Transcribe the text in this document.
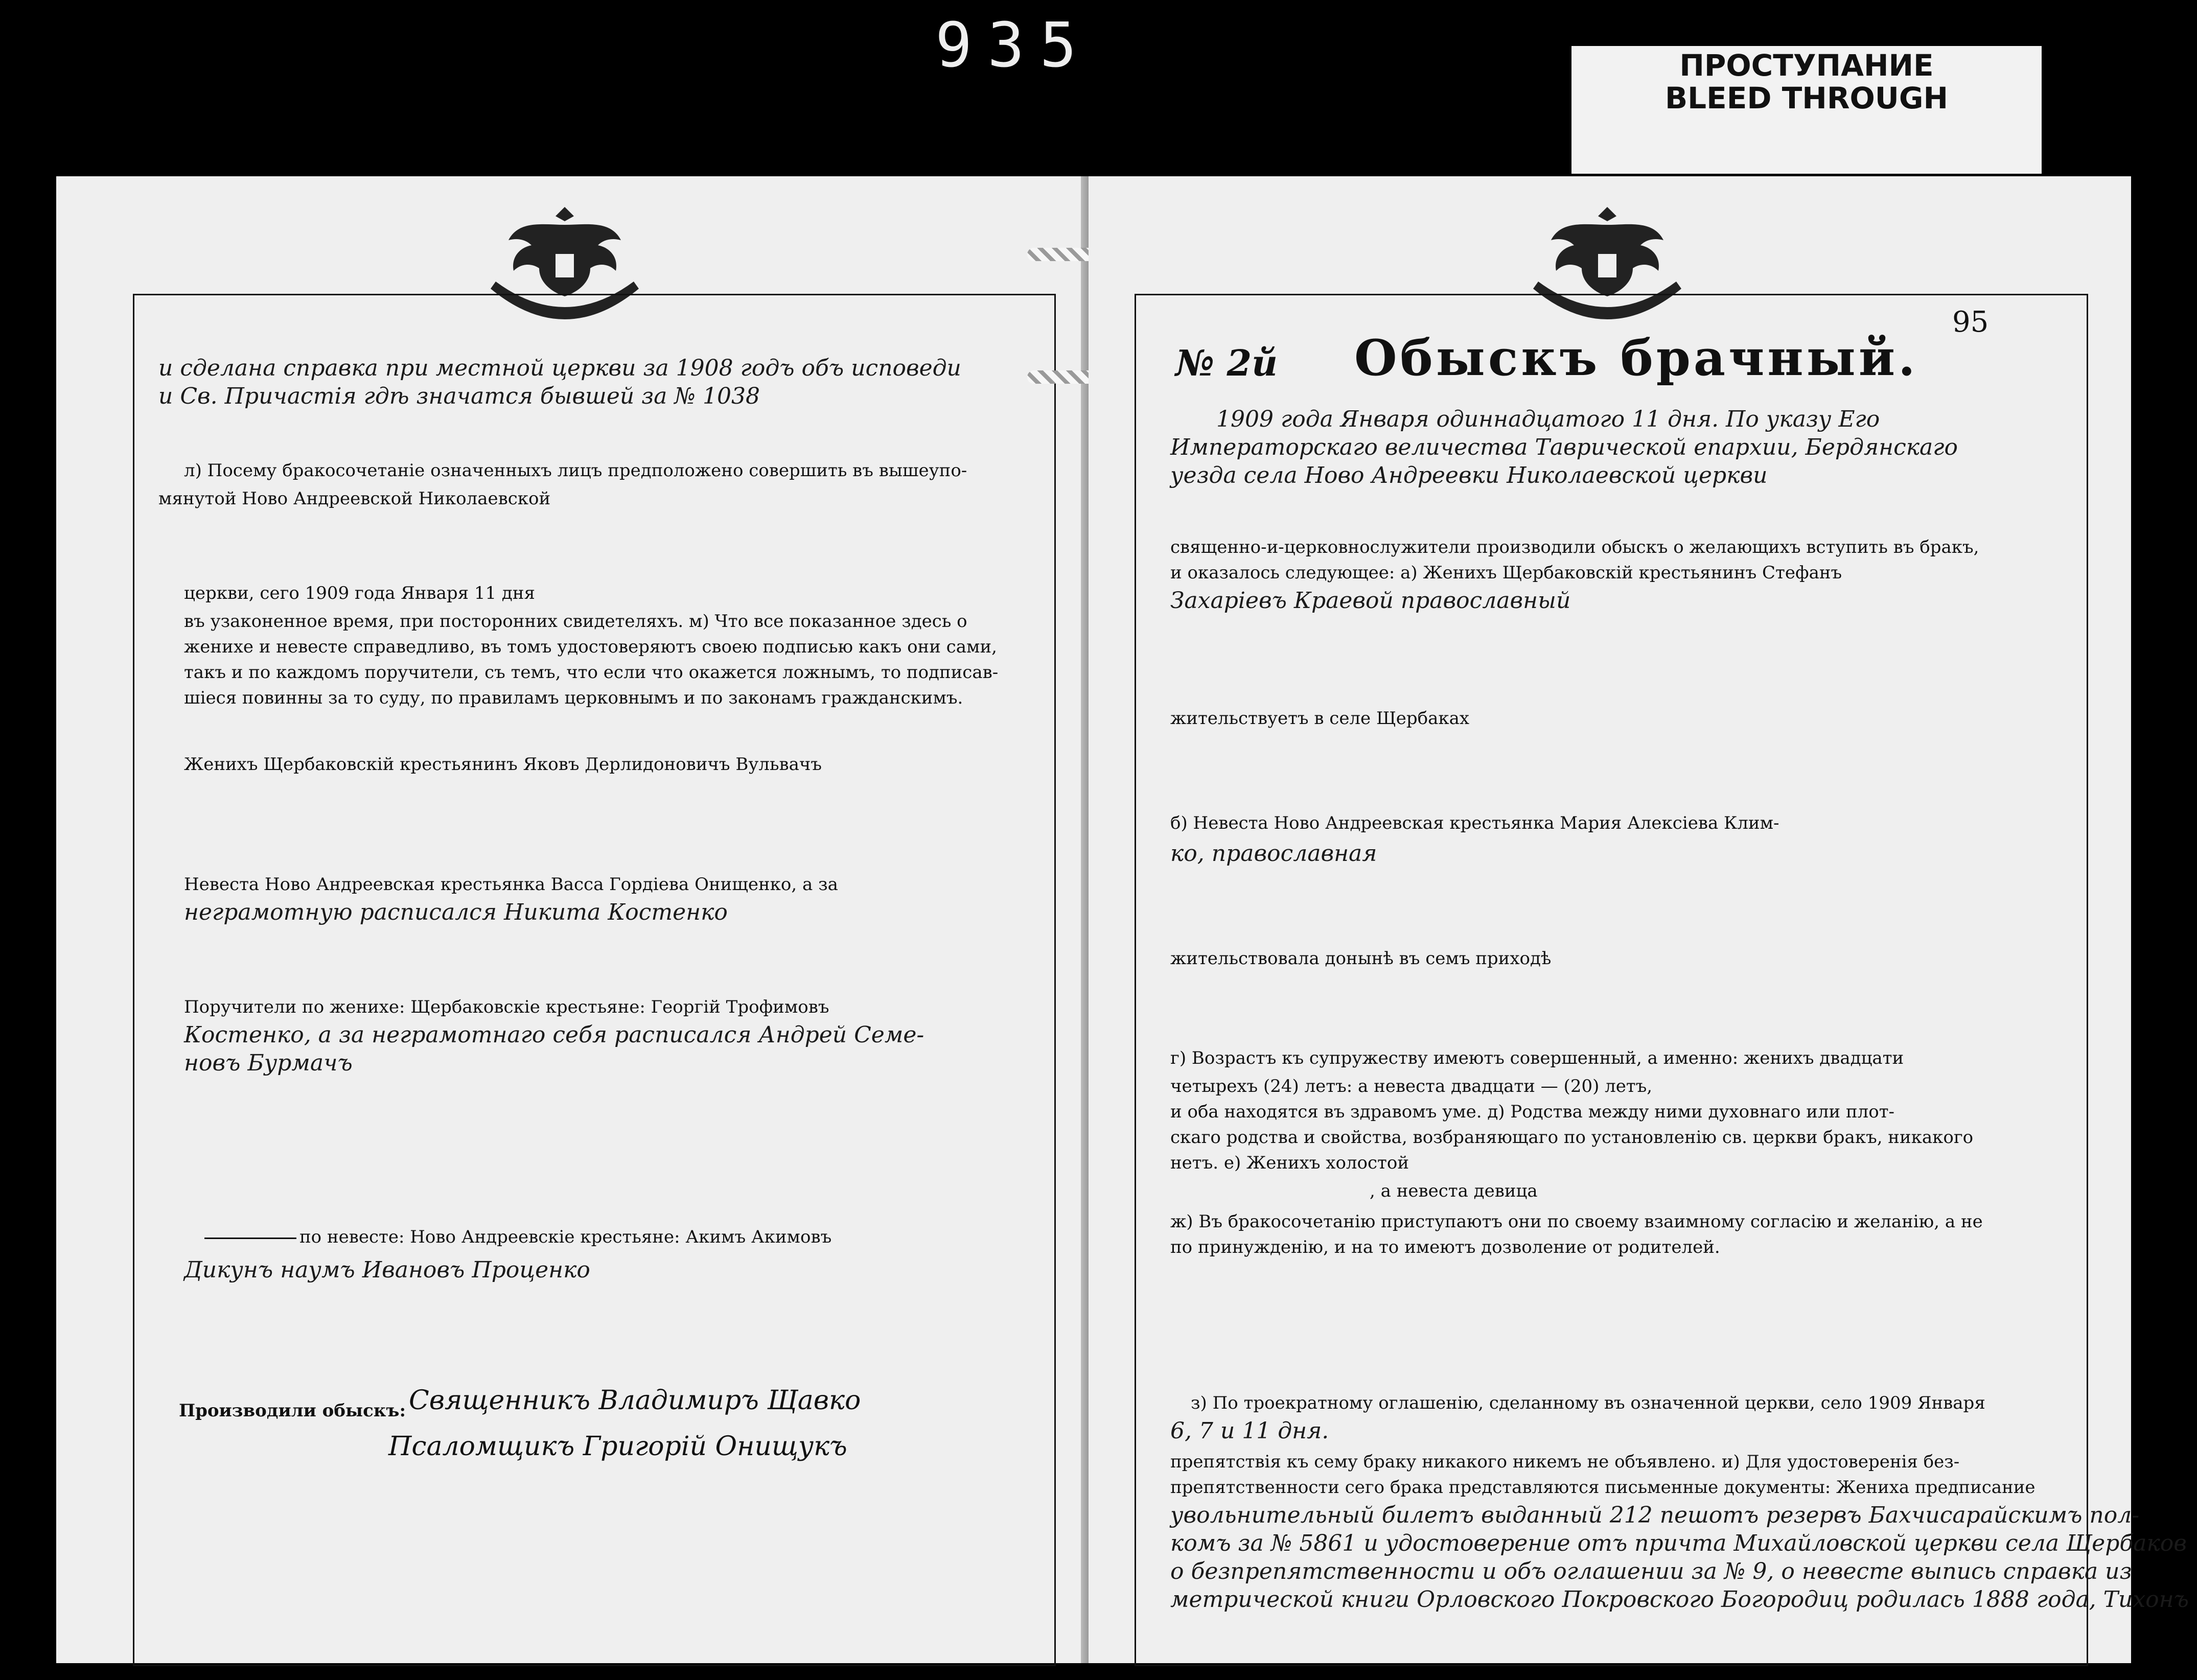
935	ПРОСТУПАНИЕ
BLEED THROUGH
и сделана справка при местной церкви за 1908 годъ объ исповеди
и Св. Причастiя гдѣ значатся бывшей за № 1038
л) Посему бракосочетанiе означенныхъ лицъ предположено совершить въ вышеупо-
мянутой Ново Андреевской Николаевской
церкви, сего 1909 года Января 11 дня
въ узаконенное время, при посторонних свидетеляхъ. м) Что все показанное здесь о
женихе и невесте справедливо, въ томъ удостоверяютъ своею подписью какъ они сами,
такъ и по каждомъ поручители, съ темъ, что если что окажется ложнымъ, то подписав-
шiеся повинны за то суду, по правиламъ церковнымъ и по законамъ гражданскимъ.
Женихъ Щербаковскiй крестьянинъ Яковъ Дерлидоновичъ Вульвачъ
Невеста Ново Андреевская крестьянка Васса Гордiева Онищенко, а за
неграмотную расписался Никита Костенко
Поручители по женихе: Щербаковскiе крестьяне: Георгiй Трофимовъ
Костенко, а за неграмотнаго себя расписался Андрей Семе-
новъ Бурмачъ
по невесте: Ново Андреевскiе крестьяне: Акимъ Акимовъ
Дикунъ наумъ Ивановъ Проценко
Производили обыскъ: Священникъ Владимиръ Щавко
Псаломщикъ Григорiй Онищукъ
95
№ 2й Обыскъ брачный.
1909 года Января одиннадцатого 11 дня. По указу Его
Императорскаго величества Таврической епархии, Бердянскаго
уезда села Ново Андреевки Николаевской церкви
священно-и-церковнослужители производили обыскъ о желающихъ вступить въ бракъ,
и оказалось следующее: а) Женихъ Щербаковскiй крестьянинъ Стефанъ
Захарiевъ Краевой православный
жительствуетъ в селе Щербаках
б) Невеста Ново Андреевская крестьянка Мария Алексiева Клим-
ко, православная
жительствовала донынѣ въ семъ приходѣ
г) Возрастъ къ супружеству имеютъ совершенный, а именно: женихъ двадцати
четырехъ (24) летъ: а невеста двадцати — (20) летъ,
и оба находятся въ здравомъ уме. д) Родства между ними духовнаго или плот-
скаго родства и свойства, возбраняющаго по установленiю св. церкви бракъ, никакого
нетъ. е) Женихъ холостой
, а невеста девица
ж) Въ бракосочетанiю приступаютъ они по своему взаимному согласiю и желанiю, а не
по принужденiю, и на то имеютъ дозволение от родителей.
з) По троекратному оглашенiю, сделанному въ означенной церкви, село 1909 Января
6, 7 и 11 дня.
препятствiя къ сему браку никакого никемъ не объявлено. и) Для удостоверенiя без-
препятственности сего брака представляются письменные документы: Жениха предписание
увольнительный билетъ выданный 212 пешотъ резервъ Бахчисарайскимъ пол-
комъ за № 5861 и удостоверение отъ причта Михайловской церкви села Щербаков
о безпрепятственности и объ оглашении за № 9, о невесте выпись справка из
метрической книги Орловского Покровского Богородиц родилась 1888 года, Тихонъ
